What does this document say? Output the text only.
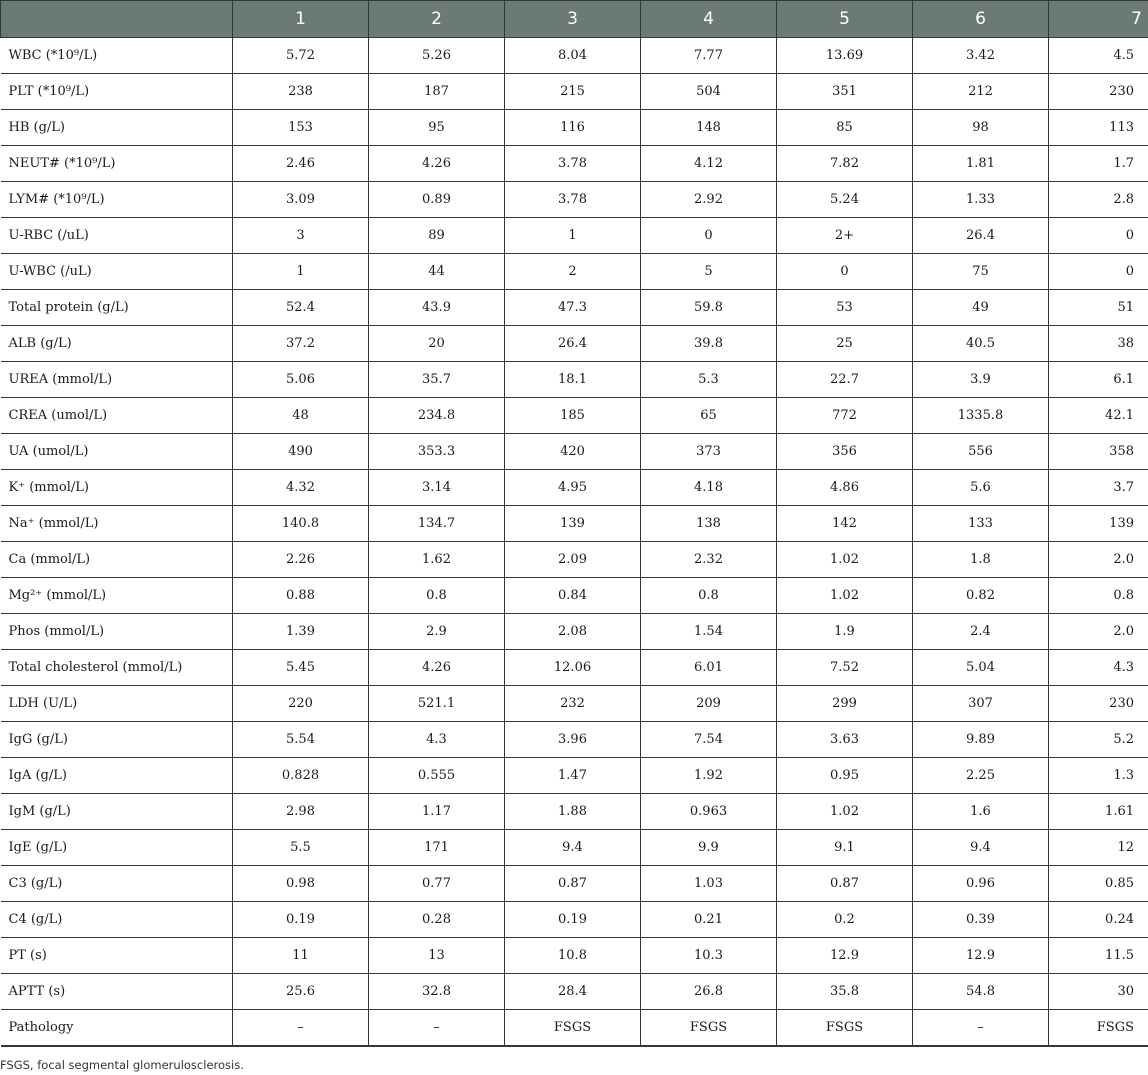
	1	2	3	4	5	6	7
WBC (*10⁹/L)	5.72	5.26	8.04	7.77	13.69	3.42	4.5
PLT (*10⁹/L)	238	187	215	504	351	212	230
HB (g/L)	153	95	116	148	85	98	113
NEUT# (*10⁹/L)	2.46	4.26	3.78	4.12	7.82	1.81	1.7
LYM# (*10⁹/L)	3.09	0.89	3.78	2.92	5.24	1.33	2.8
U-RBC (/uL)	3	89	1	0	2+	26.4	0
U-WBC (/uL)	1	44	2	5	0	75	0
Total protein (g/L)	52.4	43.9	47.3	59.8	53	49	51
ALB (g/L)	37.2	20	26.4	39.8	25	40.5	38
UREA (mmol/L)	5.06	35.7	18.1	5.3	22.7	3.9	6.1
CREA (umol/L)	48	234.8	185	65	772	1335.8	42.1
UA (umol/L)	490	353.3	420	373	356	556	358
K⁺ (mmol/L)	4.32	3.14	4.95	4.18	4.86	5.6	3.7
Na⁺ (mmol/L)	140.8	134.7	139	138	142	133	139
Ca (mmol/L)	2.26	1.62	2.09	2.32	1.02	1.8	2.0
Mg²⁺ (mmol/L)	0.88	0.8	0.84	0.8	1.02	0.82	0.8
Phos (mmol/L)	1.39	2.9	2.08	1.54	1.9	2.4	2.0
Total cholesterol (mmol/L)	5.45	4.26	12.06	6.01	7.52	5.04	4.3
LDH (U/L)	220	521.1	232	209	299	307	230
IgG (g/L)	5.54	4.3	3.96	7.54	3.63	9.89	5.2
IgA (g/L)	0.828	0.555	1.47	1.92	0.95	2.25	1.3
IgM (g/L)	2.98	1.17	1.88	0.963	1.02	1.6	1.61
IgE (g/L)	5.5	171	9.4	9.9	9.1	9.4	12
C3 (g/L)	0.98	0.77	0.87	1.03	0.87	0.96	0.85
C4 (g/L)	0.19	0.28	0.19	0.21	0.2	0.39	0.24
PT (s)	11	13	10.8	10.3	12.9	12.9	11.5
APTT (s)	25.6	32.8	28.4	26.8	35.8	54.8	30
Pathology	–	–	FSGS	FSGS	FSGS	–	FSGS
FSGS, focal segmental glomerulosclerosis.
